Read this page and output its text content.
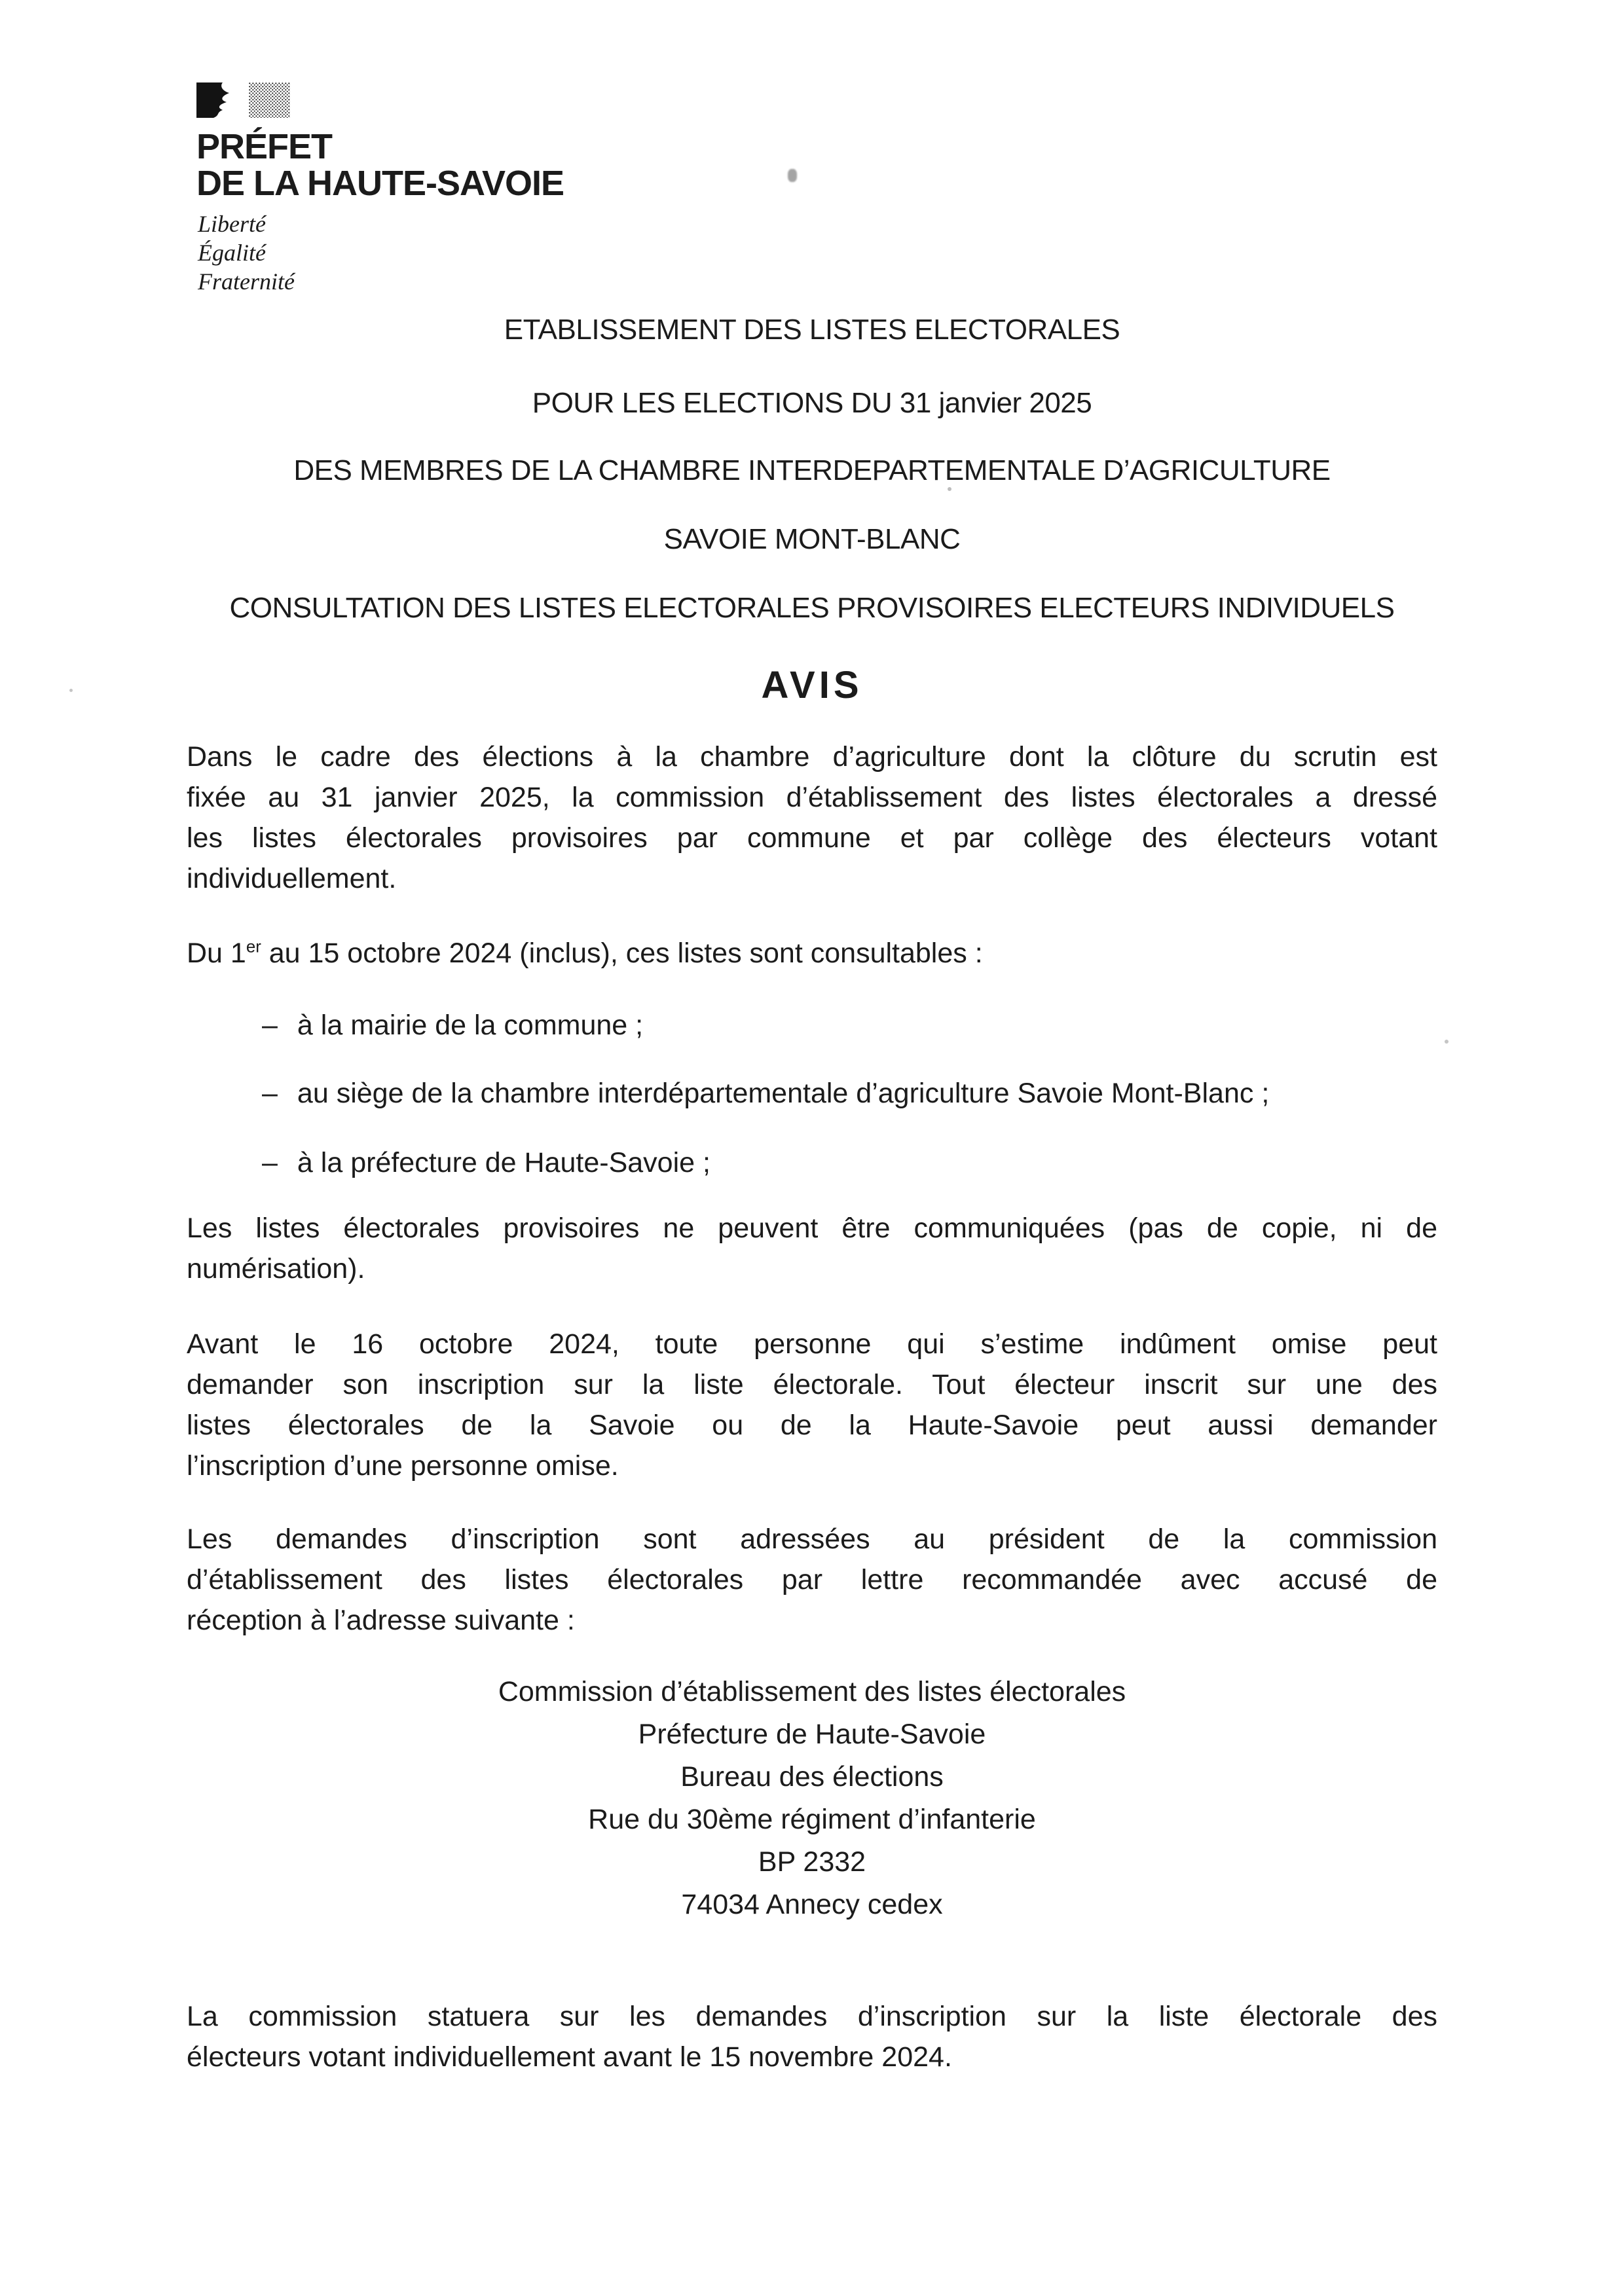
PRÉFET
DE LA HAUTE-SAVOIE
Liberté
Égalité
Fraternité
ETABLISSEMENT DES LISTES ELECTORALES
POUR LES ELECTIONS DU 31 janvier 2025
DES MEMBRES DE LA CHAMBRE INTERDEPARTEMENTALE D’AGRICULTURE
SAVOIE MONT-BLANC
CONSULTATION DES LISTES ELECTORALES PROVISOIRES ELECTEURS INDIVIDUELS
AVIS
Dans le cadre des élections à la chambre d’agriculture dont la clôture du scrutin est
fixée au 31 janvier 2025, la commission d’établissement des listes électorales a dressé
les listes électorales provisoires par commune et par collège des électeurs votant
individuellement.
Du 1er au 15 octobre 2024 (inclus), ces listes sont consultables :
– à la mairie de la commune ;
– au siège de la chambre interdépartementale d’agriculture Savoie Mont-Blanc ;
– à la préfecture de Haute-Savoie ;
Les listes électorales provisoires ne peuvent être communiquées (pas de copie, ni de
numérisation).
Avant le 16 octobre 2024, toute personne qui s’estime indûment omise peut
demander son inscription sur la liste électorale. Tout électeur inscrit sur une des
listes électorales de la Savoie ou de la Haute-Savoie peut aussi demander
l’inscription d’une personne omise.
Les demandes d’inscription sont adressées au président de la commission
d’établissement des listes électorales par lettre recommandée avec accusé de
réception à l’adresse suivante :
Commission d’établissement des listes électorales
Préfecture de Haute-Savoie
Bureau des élections
Rue du 30ème régiment d’infanterie
BP 2332
74034 Annecy cedex
La commission statuera sur les demandes d’inscription sur la liste électorale des
électeurs votant individuellement avant le 15 novembre 2024.
